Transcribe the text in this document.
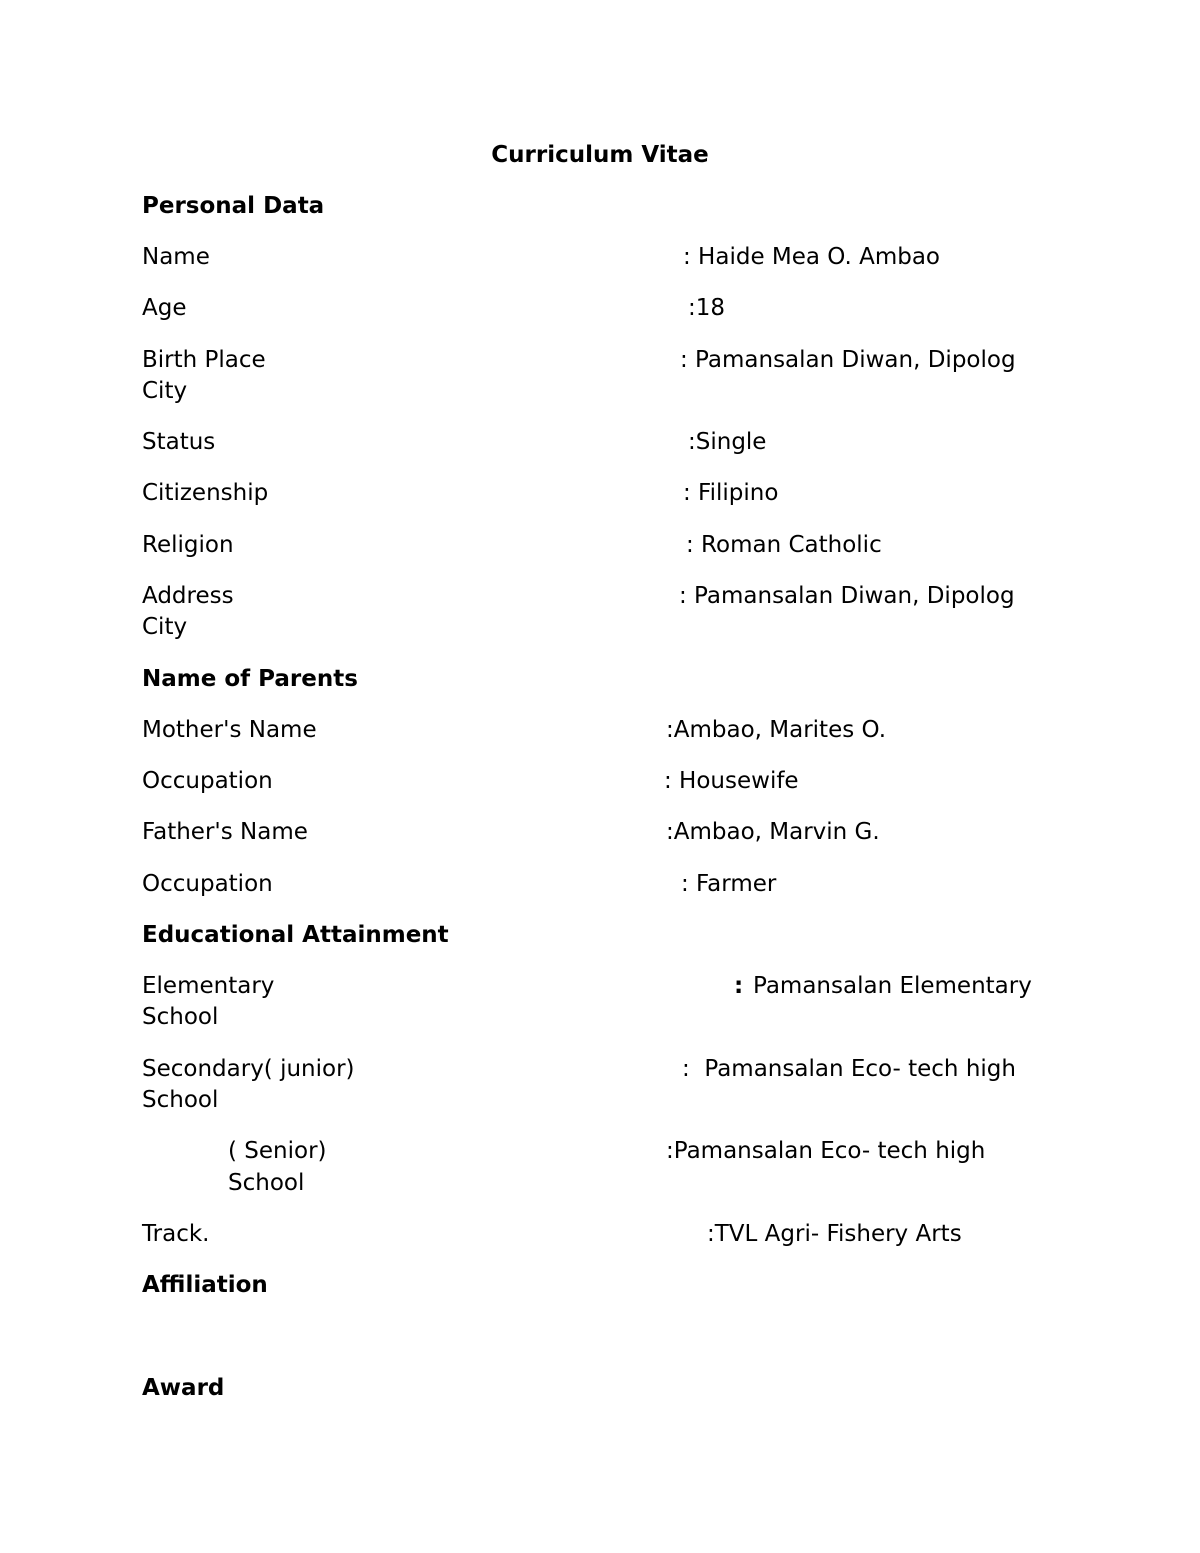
Curriculum Vitae
Personal Data
Name	: Haide Mea O. Ambao
Age	:18
Birth Place	: Pamansalan Diwan, Dipolog
City
Status	:Single
Citizenship	: Filipino
Religion	: Roman Catholic
Address	: Pamansalan Diwan, Dipolog
City
Name of Parents
Mother's Name	:Ambao, Marites O.
Occupation	: Housewife
Father's Name	:Ambao, Marvin G.
Occupation	: Farmer
Educational Attainment
Elementary	: Pamansalan Elementary
School
Secondary( junior)	:  Pamansalan Eco- tech high
School
( Senior)	:Pamansalan Eco- tech high
School
Track.	:TVL Agri- Fishery Arts
Affiliation
Award
